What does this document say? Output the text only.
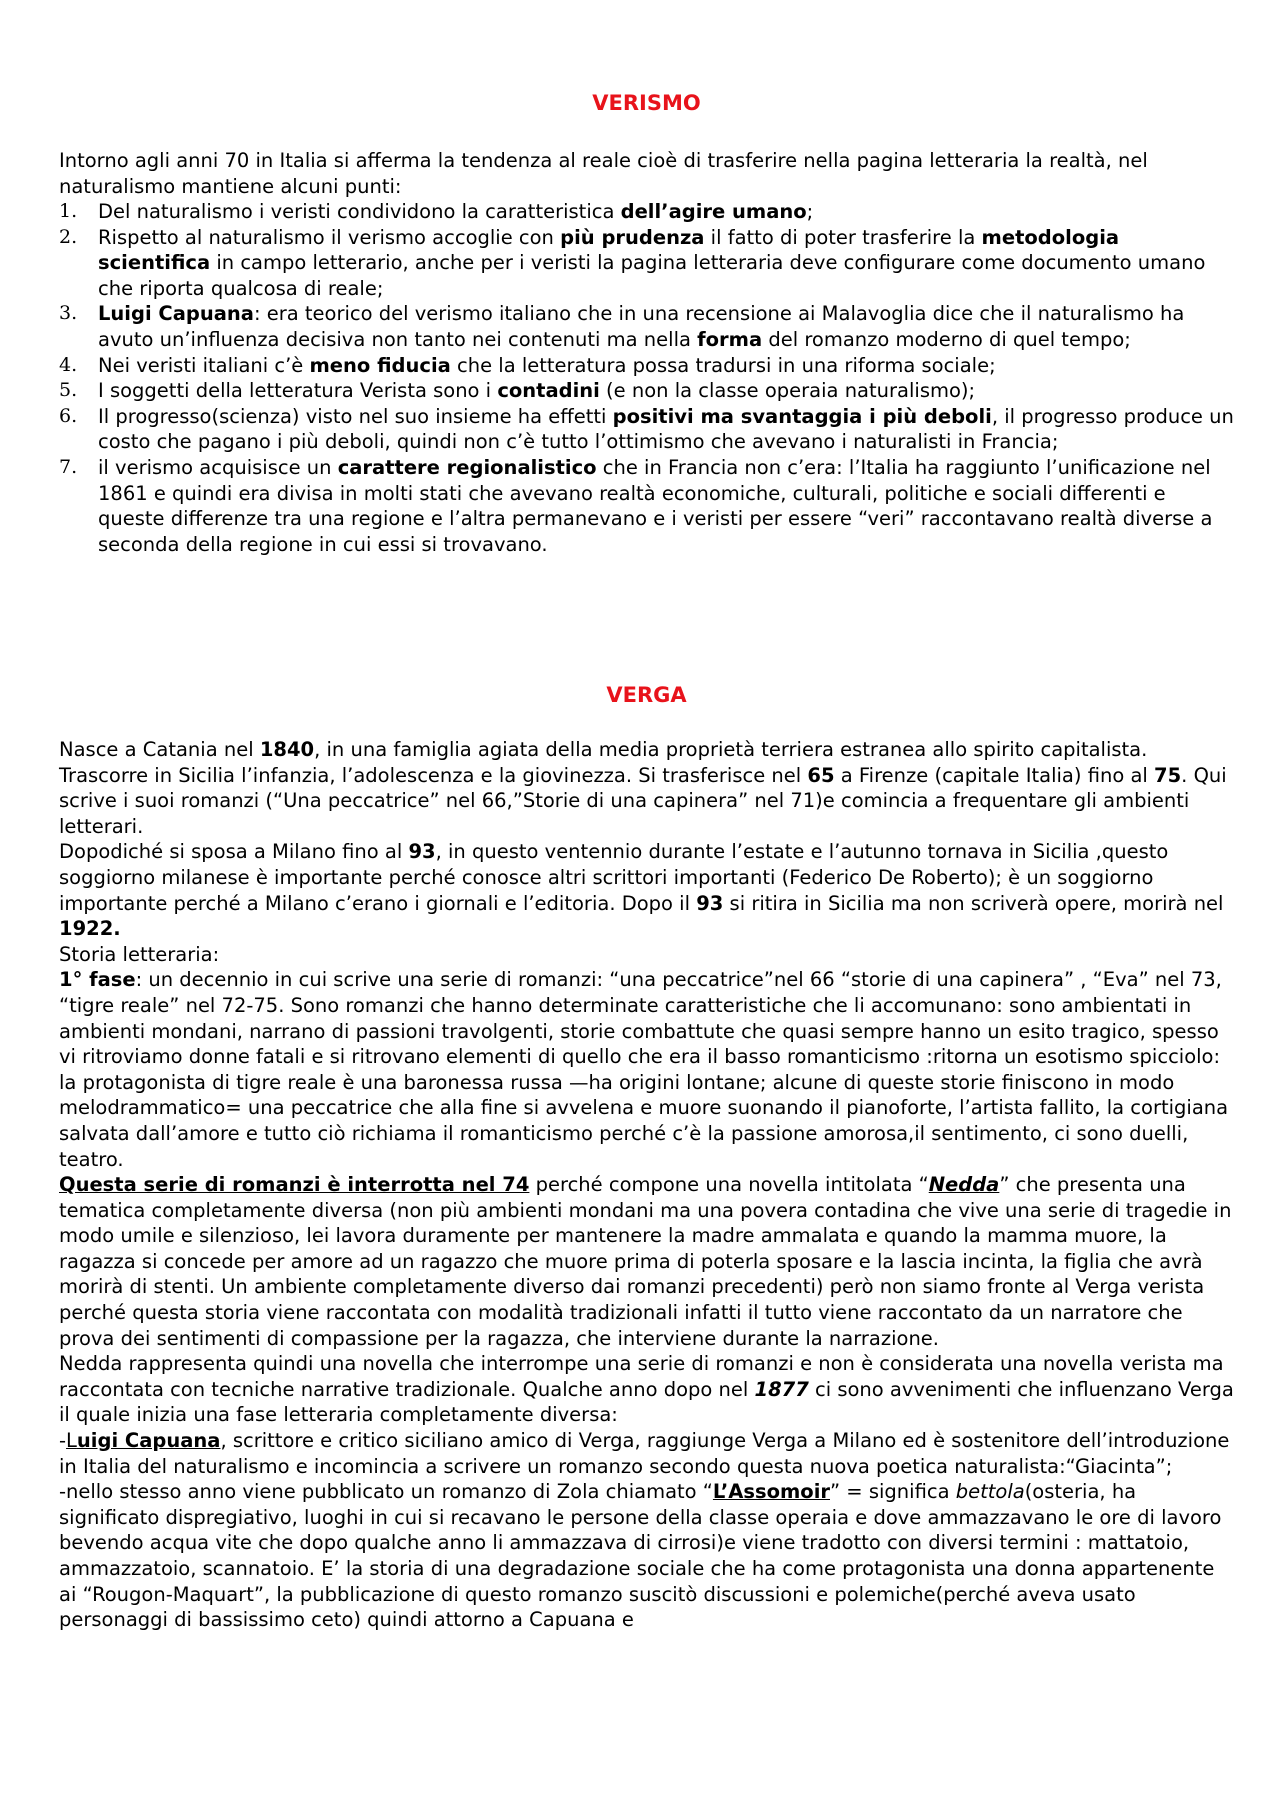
VERISMO

Intorno agli anni 70 in Italia si afferma la tendenza al reale cioè di trasferire nella pagina letteraria la realtà, nel naturalismo mantiene alcuni punti:

1. Del naturalismo i veristi condividono la caratteristica dell’agire umano;
2. Rispetto al naturalismo il verismo accoglie con più prudenza il fatto di poter trasferire la metodologia scientifica in campo letterario, anche per i veristi la pagina letteraria deve configurare come documento umano che riporta qualcosa di reale;
3. Luigi Capuana: era teorico del verismo italiano che in una recensione ai Malavoglia dice che il naturalismo ha avuto un’influenza decisiva non tanto nei contenuti ma nella forma del romanzo moderno di quel tempo;
4. Nei veristi italiani c’è meno fiducia che la letteratura possa tradursi in una riforma sociale;
5. I soggetti della letteratura Verista sono i contadini (e non la classe operaia naturalismo);
6. Il progresso(scienza) visto nel suo insieme ha effetti positivi ma svantaggia i più deboli, il progresso produce un costo che pagano i più deboli, quindi non c’è tutto l’ottimismo che avevano i naturalisti in Francia;
7. il verismo acquisisce un carattere regionalistico che in Francia non c’era: l’Italia ha raggiunto l’unificazione nel 1861 e quindi era divisa in molti stati che avevano realtà economiche, culturali, politiche e sociali differenti e queste differenze tra una regione e l’altra permanevano e i veristi per essere “veri” raccontavano realtà diverse a seconda della regione in cui essi si trovavano.
VERGA

Nasce a Catania nel 1840, in una famiglia agiata della media proprietà terriera estranea allo spirito capitalista. Trascorre in Sicilia l’infanzia, l’adolescenza e la giovinezza. Si trasferisce nel 65 a Firenze (capitale Italia) fino al 75. Qui scrive i suoi romanzi (“Una peccatrice” nel 66,”Storie di una capinera” nel 71)e comincia a frequentare gli ambienti letterari.

Dopodiché si sposa a Milano fino al 93, in questo ventennio durante l’estate e l’autunno tornava in Sicilia ,questo soggiorno milanese è importante perché conosce altri scrittori importanti (Federico De Roberto); è un soggiorno importante perché a Milano c’erano i giornali e l’editoria. Dopo il 93 si ritira in Sicilia ma non scriverà opere, morirà nel 1922.

Storia letteraria:

1° fase: un decennio in cui scrive una serie di romanzi: “una peccatrice”nel 66 “storie di una capinera” , “Eva” nel 73, “tigre reale” nel 72-75. Sono romanzi che hanno determinate caratteristiche che li accomunano: sono ambientati in ambienti mondani, narrano di passioni travolgenti, storie combattute che quasi sempre hanno un esito tragico, spesso vi ritroviamo donne fatali e si ritrovano elementi di quello che era il basso romanticismo :ritorna un esotismo spicciolo: la protagonista di tigre reale è una baronessa russa —ha origini lontane; alcune di queste storie finiscono in modo melodrammatico= una peccatrice che alla fine si avvelena e muore suonando il pianoforte, l’artista fallito, la cortigiana salvata dall’amore e tutto ciò richiama il romanticismo perché c’è la passione amorosa,il sentimento, ci sono duelli, teatro.

Questa serie di romanzi è interrotta nel 74 perché compone una novella intitolata “Nedda” che presenta una tematica completamente diversa (non più ambienti mondani ma una povera contadina che vive una serie di tragedie in modo umile e silenzioso, lei lavora duramente per mantenere la madre ammalata e quando la mamma muore, la ragazza si concede per amore ad un ragazzo che muore prima di poterla sposare e la lascia incinta, la figlia che avrà morirà di stenti. Un ambiente completamente diverso dai romanzi precedenti) però non siamo fronte al Verga verista perché questa storia viene raccontata con modalità tradizionali infatti il tutto viene raccontato da un narratore che prova dei sentimenti di compassione per la ragazza, che interviene durante la narrazione.

Nedda rappresenta quindi una novella che interrompe una serie di romanzi e non è considerata una novella verista ma raccontata con tecniche narrative tradizionale. Qualche anno dopo nel 1877 ci sono avvenimenti che influenzano Verga il quale inizia una fase letteraria completamente diversa:

-Luigi Capuana, scrittore e critico siciliano amico di Verga, raggiunge Verga a Milano ed è sostenitore dell’introduzione in Italia del naturalismo e incomincia a scrivere un romanzo secondo questa nuova poetica naturalista:“Giacinta”;

-nello stesso anno viene pubblicato un romanzo di Zola chiamato “L’Assomoir” = significa bettola(osteria, ha significato dispregiativo, luoghi in cui si recavano le persone della classe operaia e dove ammazzavano le ore di lavoro bevendo acqua vite che dopo qualche anno li ammazzava di cirrosi)e viene tradotto con diversi termini : mattatoio, ammazzatoio, scannatoio. E’ la storia di una degradazione sociale che ha come protagonista una donna appartenente ai “Rougon-Maquart”, la pubblicazione di questo romanzo suscitò discussioni e polemiche(perché aveva usato personaggi di bassissimo ceto) quindi attorno a Capuana e
